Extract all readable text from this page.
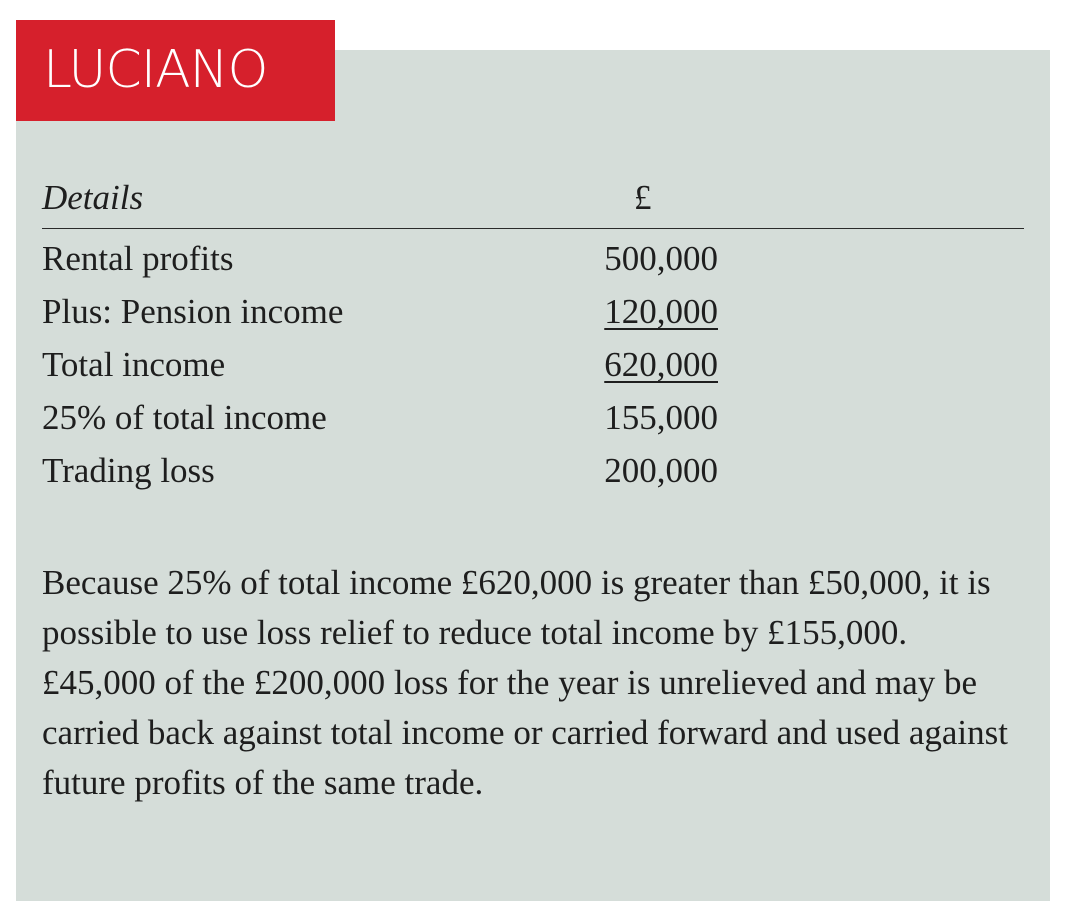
LUCIANO
Details	£
Rental profits	500,000
Plus: Pension income	120,000
Total income	620,000
25% of total income	155,000
Trading loss	200,000

Because 25% of total income £620,000 is greater than £50,000, it is possible to use loss relief to reduce total income by £155,000. £45,000 of the £200,000 loss for the year is unrelieved and may be carried back against total income or carried forward and used against future profits of the same trade.
